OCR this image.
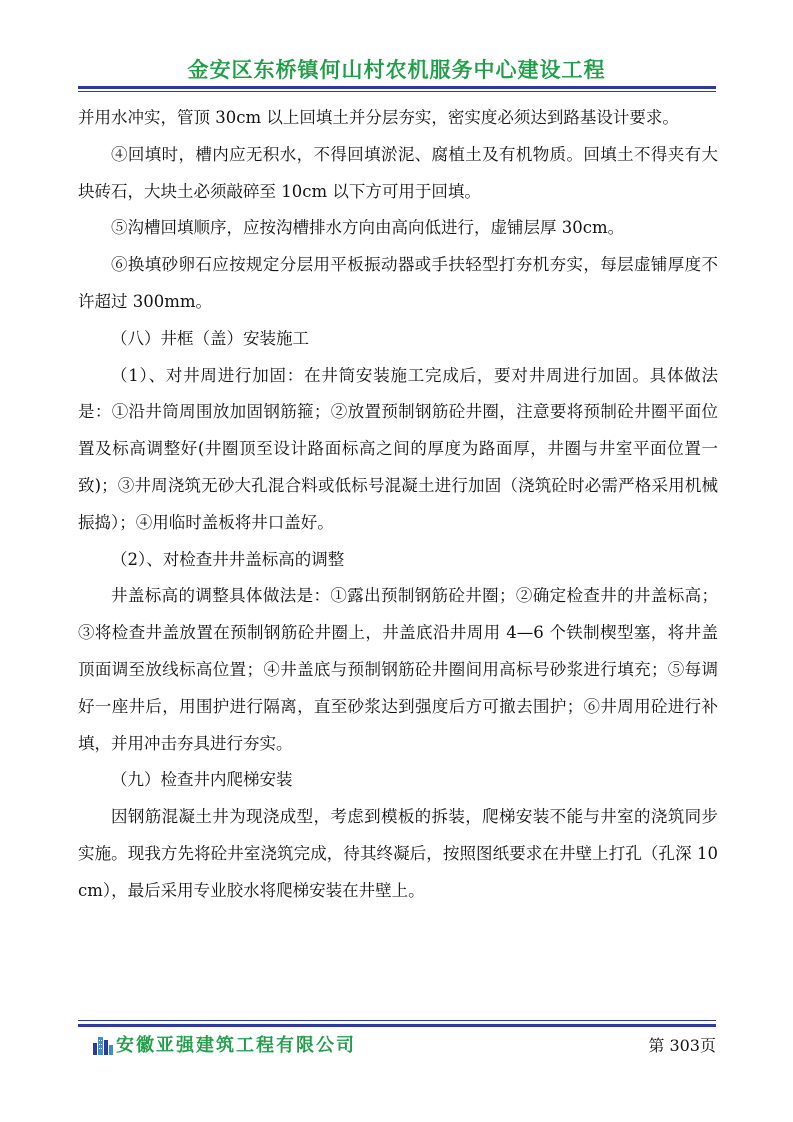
金安区东桥镇何山村农机服务中心建设工程

并用水冲实，管顶 30cm 以上回填土并分层夯实，密实度必须达到路基设计要求。

④回填时，槽内应无积水，不得回填淤泥、腐植土及有机物质。回填土不得夹有大块砖石，大块土必须敲碎至 10cm 以下方可用于回填。

⑤沟槽回填顺序，应按沟槽排水方向由高向低进行，虚铺层厚 30cm。

⑥换填砂卵石应按规定分层用平板振动器或手扶轻型打夯机夯实，每层虚铺厚度不许超过 300mm。

（八）井框（盖）安装施工

（1）、对井周进行加固：在井筒安装施工完成后，要对井周进行加固。具体做法是：①沿井筒周围放加固钢筋箍；②放置预制钢筋砼井圈，注意要将预制砼井圈平面位置及标高调整好(井圈顶至设计路面标高之间的厚度为路面厚，井圈与井室平面位置一致)；③井周浇筑无砂大孔混合料或低标号混凝土进行加固（浇筑砼时必需严格采用机械振捣）；④用临时盖板将井口盖好。

（2）、对检查井井盖标高的调整

井盖标高的调整具体做法是：①露出预制钢筋砼井圈；②确定检查井的井盖标高；③将检查井盖放置在预制钢筋砼井圈上，井盖底沿井周用 4—6 个铁制楔型塞，将井盖顶面调至放线标高位置；④井盖底与预制钢筋砼井圈间用高标号砂浆进行填充；⑤每调好一座井后，用围护进行隔离，直至砂浆达到强度后方可撤去围护；⑥井周用砼进行补填，并用冲击夯具进行夯实。

（九）检查井内爬梯安装

因钢筋混凝土井为现浇成型，考虑到模板的拆装，爬梯安装不能与井室的浇筑同步实施。现我方先将砼井室浇筑完成，待其终凝后，按照图纸要求在井壁上打孔（孔深 10cm），最后采用专业胶水将爬梯安装在井壁上。

安徽亚强建筑工程有限公司	第 303页
